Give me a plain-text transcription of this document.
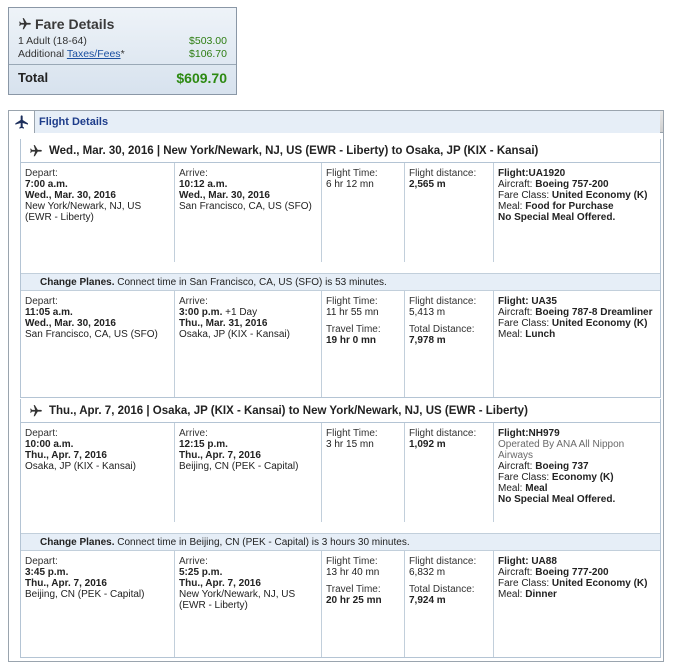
Fare Details
1 Adult (18-64)	$503.00
Additional Taxes/Fees*	$106.70
Total	$609.70
Flight Details
Wed., Mar. 30, 2016 | New York/Newark, NJ, US (EWR - Liberty) to Osaka, JP (KIX - Kansai)
Depart:
7:00 a.m.
Wed., Mar. 30, 2016
New York/Newark, NJ, US
(EWR - Liberty)
Arrive:
10:12 a.m.
Wed., Mar. 30, 2016
San Francisco, CA, US (SFO)
Flight Time:
6 hr 12 mn
Flight distance:
2,565 m
Flight:UA1920
Aircraft: Boeing 757-200
Fare Class: United Economy (K)
Meal: Food for Purchase
No Special Meal Offered.
Change Planes. Connect time in San Francisco, CA, US (SFO) is 53 minutes.
Depart:
11:05 a.m.
Wed., Mar. 30, 2016
San Francisco, CA, US (SFO)
Arrive:
3:00 p.m. +1 Day
Thu., Mar. 31, 2016
Osaka, JP (KIX - Kansai)
Flight Time:
11 hr 55 mn
Travel Time:
19 hr 0 mn
Flight distance:
5,413 m
Total Distance:
7,978 m
Flight: UA35
Aircraft: Boeing 787-8 Dreamliner
Fare Class: United Economy (K)
Meal: Lunch
Thu., Apr. 7, 2016 | Osaka, JP (KIX - Kansai) to New York/Newark, NJ, US (EWR - Liberty)
Depart:
10:00 a.m.
Thu., Apr. 7, 2016
Osaka, JP (KIX - Kansai)
Arrive:
12:15 p.m.
Thu., Apr. 7, 2016
Beijing, CN (PEK - Capital)
Flight Time:
3 hr 15 mn
Flight distance:
1,092 m
Flight:NH979
Operated By ANA All Nippon Airways
Aircraft: Boeing 737
Fare Class: Economy (K)
Meal: Meal
No Special Meal Offered.
Change Planes. Connect time in Beijing, CN (PEK - Capital) is 3 hours 30 minutes.
Depart:
3:45 p.m.
Thu., Apr. 7, 2016
Beijing, CN (PEK - Capital)
Arrive:
5:25 p.m.
Thu., Apr. 7, 2016
New York/Newark, NJ, US
(EWR - Liberty)
Flight Time:
13 hr 40 mn
Travel Time:
20 hr 25 mn
Flight distance:
6,832 m
Total Distance:
7,924 m
Flight: UA88
Aircraft: Boeing 777-200
Fare Class: United Economy (K)
Meal: Dinner
